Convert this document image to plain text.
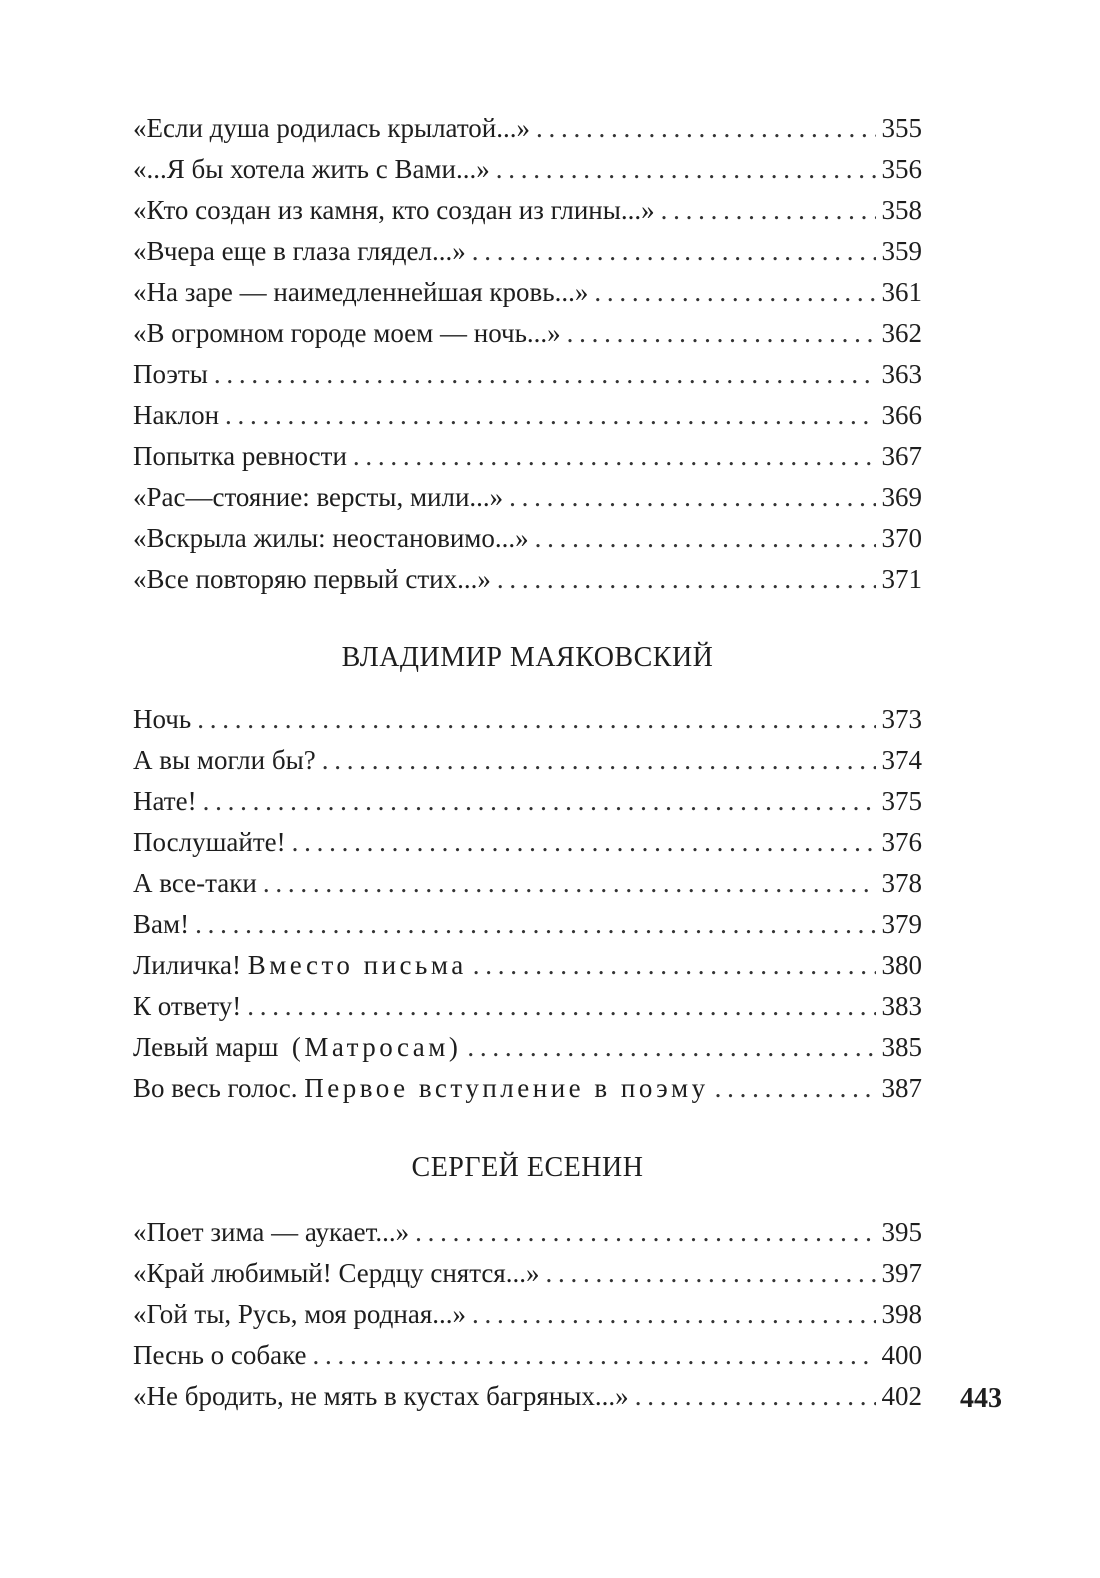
«Если душа родилась крылатой...» . . .	355
«...Я бы хотела жить с Вами...» . . .	356
«Кто создан из камня, кто создан из глины...» . . .	358
«Вчера еще в глаза глядел...» . . .	359
«На заре — наимедленнейшая кровь...» . . .	361
«В огромном городе моем — ночь...» . . .	362
Поэты . . .	363
Наклон . . .	366
Попытка ревности . . .	367
«Рас—стояние: версты, мили...» . . .	369
«Вскрыла жилы: неостановимо...» . . .	370
«Все повторяю первый стих...» . . .	371
ВЛАДИМИР МАЯКОВСКИЙ
Ночь . . .	373
А вы могли бы? . . .	374
Нате! . . .	375
Послушайте! . . .	376
А все-таки . . .	378
Вам! . . .	379
Лиличка! Вместо письма . . .	380
К ответу! . . .	383
Левый марш (Матросам) . . .	385
Во весь голос. Первое вступление в поэму . . .	387
СЕРГЕЙ ЕСЕНИН
«Поет зима — аукает...» . . .	395
«Край любимый! Сердцу снятся...» . . .	397
«Гой ты, Русь, моя родная...» . . .	398
Песнь о собаке . . .	400
«Не бродить, не мять в кустах багряных...» . . .	402 443
